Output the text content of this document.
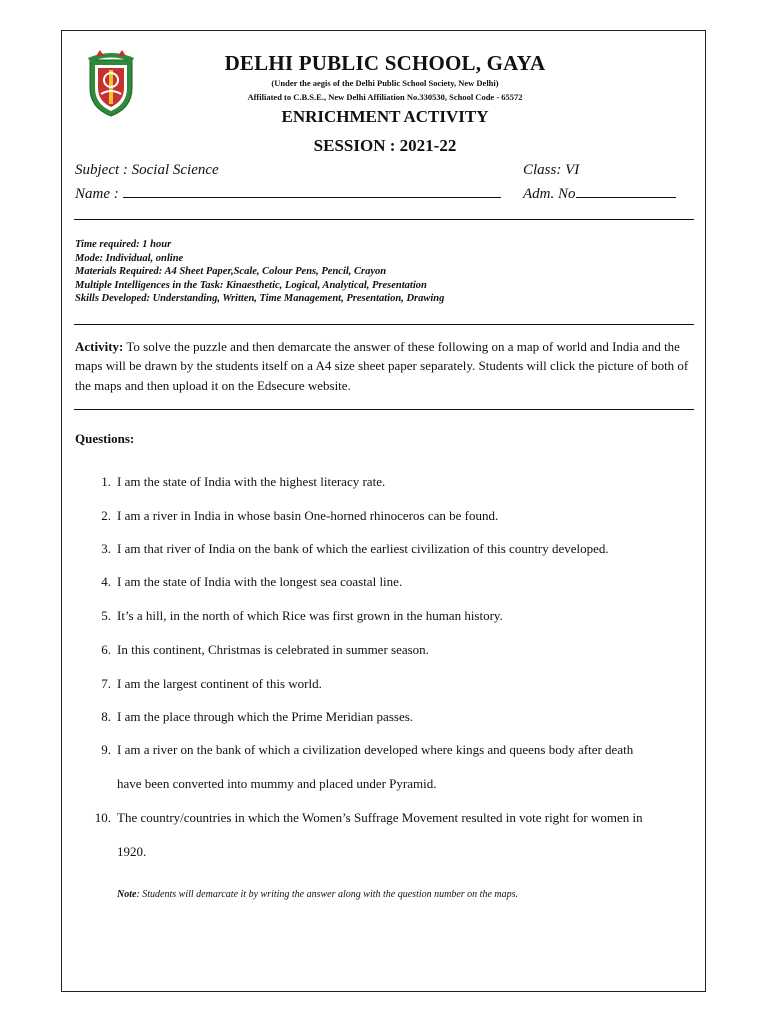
DELHI PUBLIC SCHOOL, GAYA
(Under the aegis of the Delhi Public School Society, New Delhi)
Affiliated to C.B.S.E., New Delhi Affiliation No.330530, School Code - 65572
ENRICHMENT ACTIVITY
SESSION : 2021-22
Subject : Social Science	Class: VI
Name :	Adm. No
Time required: 1 hour
Mode: Individual, online
Materials Required: A4 Sheet Paper,Scale, Colour Pens, Pencil, Crayon
Multiple Intelligences in the Task: Kinaesthetic, Logical, Analytical, Presentation
Skills Developed: Understanding, Written, Time Management, Presentation, Drawing
Activity: To solve the puzzle and then demarcate the answer of these following on a map of world and India and the maps will be drawn by the students itself on a A4 size sheet paper separately. Students will click the picture of both of the maps and then upload it on the Edsecure website.
Questions:
1. I am the state of India with the highest literacy rate.
2. I am a river in India in whose basin One-horned rhinoceros can be found.
3. I am that river of India on the bank of which the earliest civilization of this country developed.
4. I am the state of India with the longest sea coastal line.
5. It’s a hill, in the north of which Rice was first grown in the human history.
6. In this continent, Christmas is celebrated in summer season.
7. I am the largest continent of this world.
8. I am the place through which the Prime Meridian passes.
9. I am a river on the bank of which a civilization developed where kings and queens body after death
have been converted into mummy and placed under Pyramid.
10. The country/countries in which the Women’s Suffrage Movement resulted in vote right for women in
1920.
Note: Students will demarcate it by writing the answer along with the question number on the maps.
